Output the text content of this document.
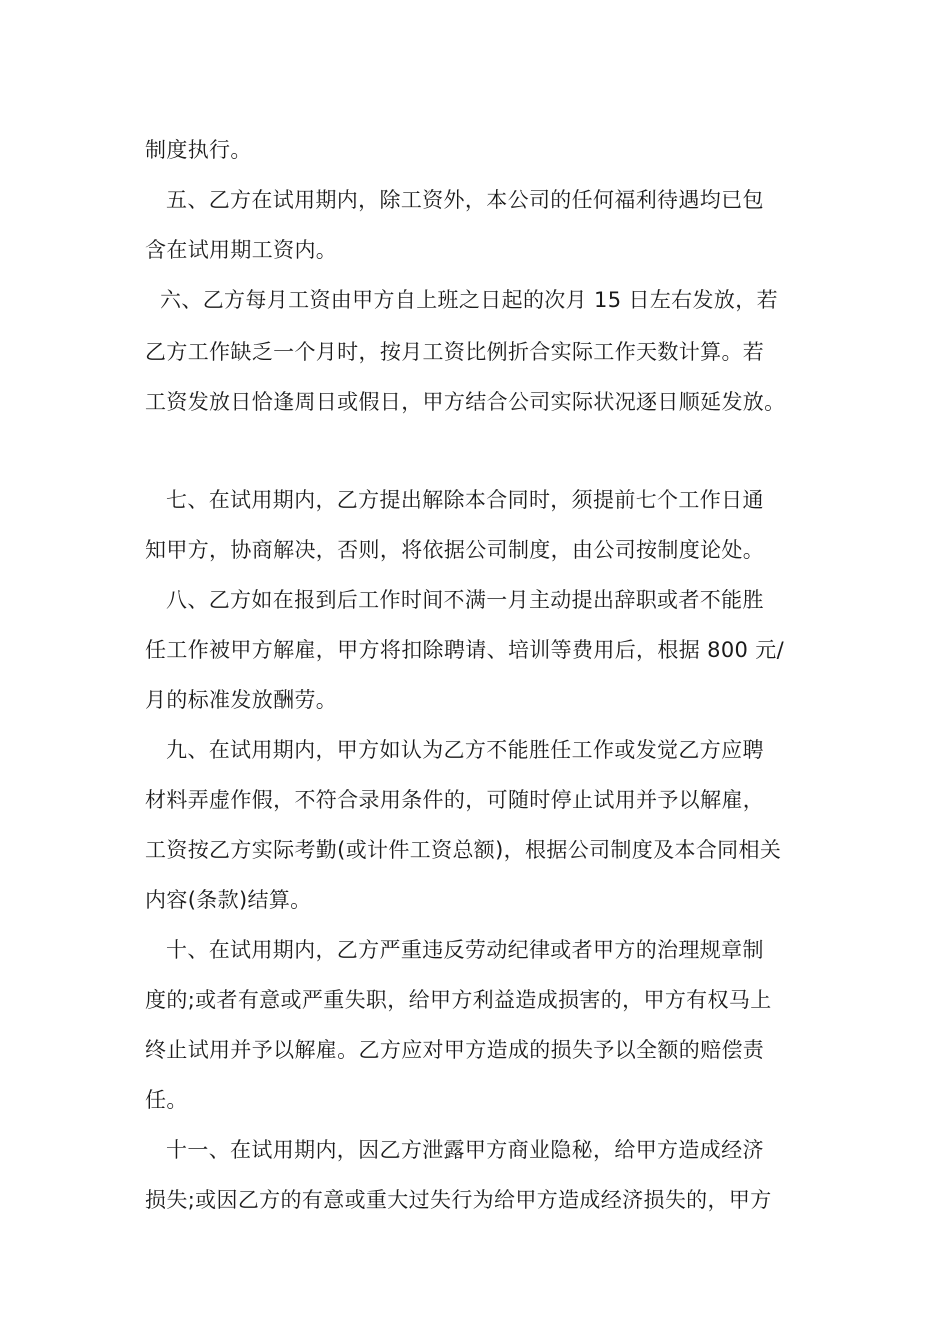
制度执行。
五、乙方在试用期内，除工资外，本公司的任何福利待遇均已包
含在试用期工资内。
六、乙方每月工资由甲方自上班之日起的次月 15 日左右发放，若
乙方工作缺乏一个月时，按月工资比例折合实际工作天数计算。若
工资发放日恰逢周日或假日，甲方结合公司实际状况逐日顺延发放。
七、在试用期内，乙方提出解除本合同时，须提前七个工作日通
知甲方，协商解决，否则，将依据公司制度，由公司按制度论处。
八、乙方如在报到后工作时间不满一月主动提出辞职或者不能胜
任工作被甲方解雇，甲方将扣除聘请、培训等费用后，根据 800 元/
月的标准发放酬劳。
九、在试用期内，甲方如认为乙方不能胜任工作或发觉乙方应聘
材料弄虚作假，不符合录用条件的，可随时停止试用并予以解雇，
工资按乙方实际考勤(或计件工资总额)，根据公司制度及本合同相关
内容(条款)结算。
十、在试用期内，乙方严重违反劳动纪律或者甲方的治理规章制
度的;或者有意或严重失职，给甲方利益造成损害的，甲方有权马上
终止试用并予以解雇。乙方应对甲方造成的损失予以全额的赔偿责
任。
十一、在试用期内，因乙方泄露甲方商业隐秘，给甲方造成经济
损失;或因乙方的有意或重大过失行为给甲方造成经济损失的，甲方
